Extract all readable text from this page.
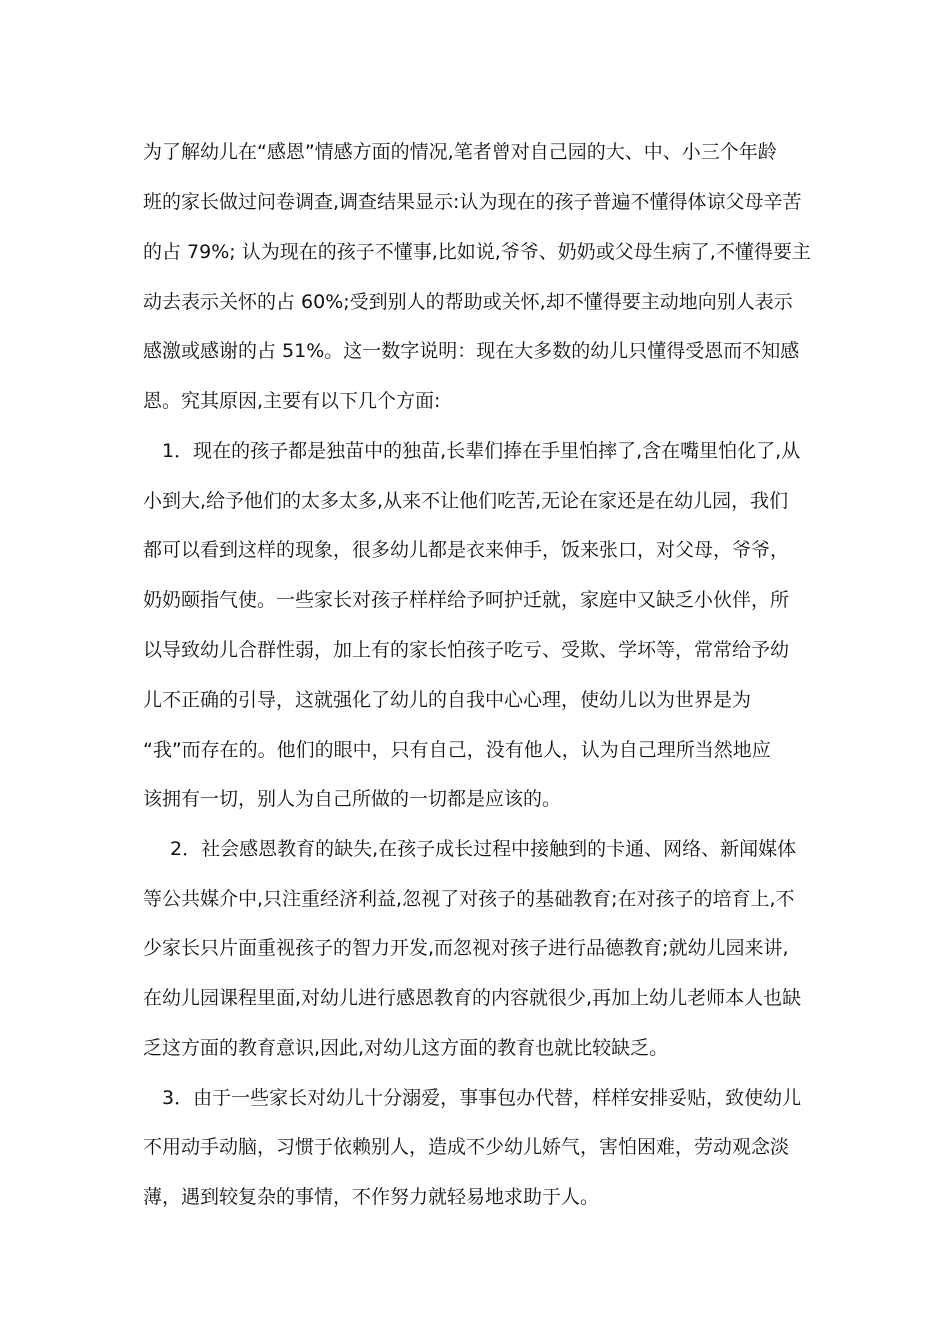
为了解幼儿在“感恩”情感方面的情况,笔者曾对自己园的大、中、小三个年龄
班的家长做过问卷调查,调查结果显示:认为现在的孩子普遍不懂得体谅父母辛苦
的占 79%; 认为现在的孩子不懂事,比如说,爷爷、奶奶或父母生病了,不懂得要主
动去表示关怀的占 60%;受到别人的帮助或关怀,却不懂得要主动地向别人表示
感激或感谢的占 51%。这一数字说明：现在大多数的幼儿只懂得受恩而不知感
恩。究其原因,主要有以下几个方面:
1．现在的孩子都是独苗中的独苗,长辈们捧在手里怕摔了,含在嘴里怕化了,从
小到大,给予他们的太多太多,从来不让他们吃苦,无论在家还是在幼儿园，我们
都可以看到这样的现象，很多幼儿都是衣来伸手，饭来张口，对父母，爷爷，
奶奶颐指气使。一些家长对孩子样样给予呵护迁就，家庭中又缺乏小伙伴，所
以导致幼儿合群性弱，加上有的家长怕孩子吃亏、受欺、学坏等，常常给予幼
儿不正确的引导，这就强化了幼儿的自我中心心理，使幼儿以为世界是为
“我”而存在的。他们的眼中，只有自己，没有他人，认为自己理所当然地应
该拥有一切，别人为自己所做的一切都是应该的。
2．社会感恩教育的缺失,在孩子成长过程中接触到的卡通、网络、新闻媒体
等公共媒介中,只注重经济利益,忽视了对孩子的基础教育;在对孩子的培育上,不
少家长只片面重视孩子的智力开发,而忽视对孩子进行品德教育;就幼儿园来讲,
在幼儿园课程里面,对幼儿进行感恩教育的内容就很少,再加上幼儿老师本人也缺
乏这方面的教育意识,因此,对幼儿这方面的教育也就比较缺乏。
3．由于一些家长对幼儿十分溺爱，事事包办代替，样样安排妥贴，致使幼儿
不用动手动脑，习惯于依赖别人，造成不少幼儿娇气，害怕困难，劳动观念淡
薄，遇到较复杂的事情，不作努力就轻易地求助于人。
